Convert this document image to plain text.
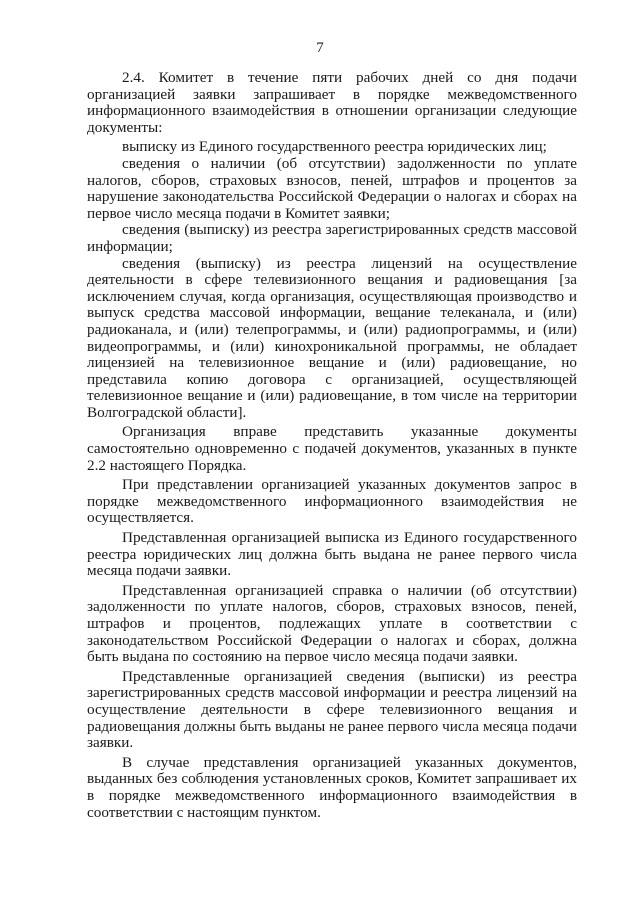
7

2.4. Комитет в течение пяти рабочих дней со дня подачи организацией заявки запрашивает в порядке межведомственного информационного взаимодействия в отношении организации следующие документы:

выписку из Единого государственного реестра юридических лиц;

сведения о наличии (об отсутствии) задолженности по уплате налогов, сборов, страховых взносов, пеней, штрафов и процентов за нарушение законодательства Российской Федерации о налогах и сборах на первое число месяца подачи в Комитет заявки;

сведения (выписку) из реестра зарегистрированных средств массовой информации;

сведения (выписку) из реестра лицензий на осуществление деятельности в сфере телевизионного вещания и радиовещания [за исключением случая, когда организация, осуществляющая производство и выпуск средства массовой информации, вещание телеканала, и (или) радиоканала, и (или) телепрограммы, и (или) радиопрограммы, и (или) видеопрограммы, и (или) кинохроникальной программы, не обладает лицензией на телевизионное вещание и (или) радиовещание, но представила копию договора с организацией, осуществляющей телевизионное вещание и (или) радиовещание, в том числе на территории Волгоградской области].

Организация вправе представить указанные документы самостоятельно одновременно с подачей документов, указанных в пункте 2.2 настоящего Порядка.

При представлении организацией указанных документов запрос в порядке межведомственного информационного взаимодействия не осуществляется.

Представленная организацией выписка из Единого государственного реестра юридических лиц должна быть выдана не ранее первого числа месяца подачи заявки.

Представленная организацией справка о наличии (об отсутствии) задолженности по уплате налогов, сборов, страховых взносов, пеней, штрафов и процентов, подлежащих уплате в соответствии с законодательством Российской Федерации о налогах и сборах, должна быть выдана по состоянию на первое число месяца подачи заявки.

Представленные организацией сведения (выписки) из реестра зарегистрированных средств массовой информации и реестра лицензий на осуществление деятельности в сфере телевизионного вещания и радиовещания должны быть выданы не ранее первого числа месяца подачи заявки.

В случае представления организацией указанных документов, выданных без соблюдения установленных сроков, Комитет запрашивает их в порядке межведомственного информационного взаимодействия в соответствии с настоящим пунктом.
